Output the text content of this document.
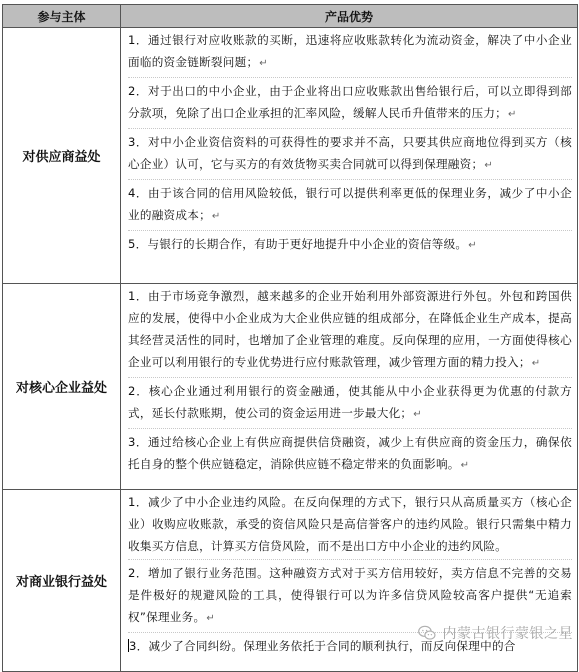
参与主体	产品优势
对供应商益处	1．通过银行对应收账款的买断，迅速将应收账款转化为流动资金，解决了中小企业面临的资金链断裂问题；↵
2．对于出口的中小企业，由于企业将出口应收账款出售给银行后，可以立即得到部分款项，免除了出口企业承担的汇率风险，缓解人民币升值带来的压力；↵
3．对中小企业资信资料的可获得性的要求并不高，只要其供应商地位得到买方（核心企业）认可，它与买方的有效货物买卖合同就可以得到保理融资；↵
4．由于该合同的信用风险较低，银行可以提供利率更低的保理业务，减少了中小企业的融资成本；↵
5．与银行的长期合作，有助于更好地提升中小企业的资信等级。↵

对核心企业益处	1．由于市场竞争激烈，越来越多的企业开始利用外部资源进行外包。外包和跨国供应的发展，使得中小企业成为大企业供应链的组成部分，在降低企业生产成本，提高其经营灵活性的同时，也增加了企业管理的难度。反向保理的应用，一方面使得核心企业可以利用银行的专业优势进行应付账款管理，减少管理方面的精力投入；↵
2．核心企业通过利用银行的资金融通，使其能从中小企业获得更为优惠的付款方式，延长付款账期，使公司的资金运用进一步最大化；↵
3．通过给核心企业上有供应商提供信贷融资，减少上有供应商的资金压力，确保依托自身的整个供应链稳定，消除供应链不稳定带来的负面影响。↵

对商业银行益处	1．减少了中小企业违约风险。在反向保理的方式下，银行只从高质量买方（核心企业）收购应收账款，承受的资信风险只是高信誉客户的违约风险。银行只需集中精力收集买方信息，计算买方信贷风险，而不是出口方中小企业的违约风险。
2．增加了银行业务范围。这种融资方式对于买方信用较好，卖方信息不完善的交易是件极好的规避风险的工具，使得银行可以为许多信贷风险较高客户提供“无追索权”保理业务。↵
3．减少了合同纠纷。保理业务依托于合同的顺利执行，而反向保理中的合
内蒙古银行蒙银之星
